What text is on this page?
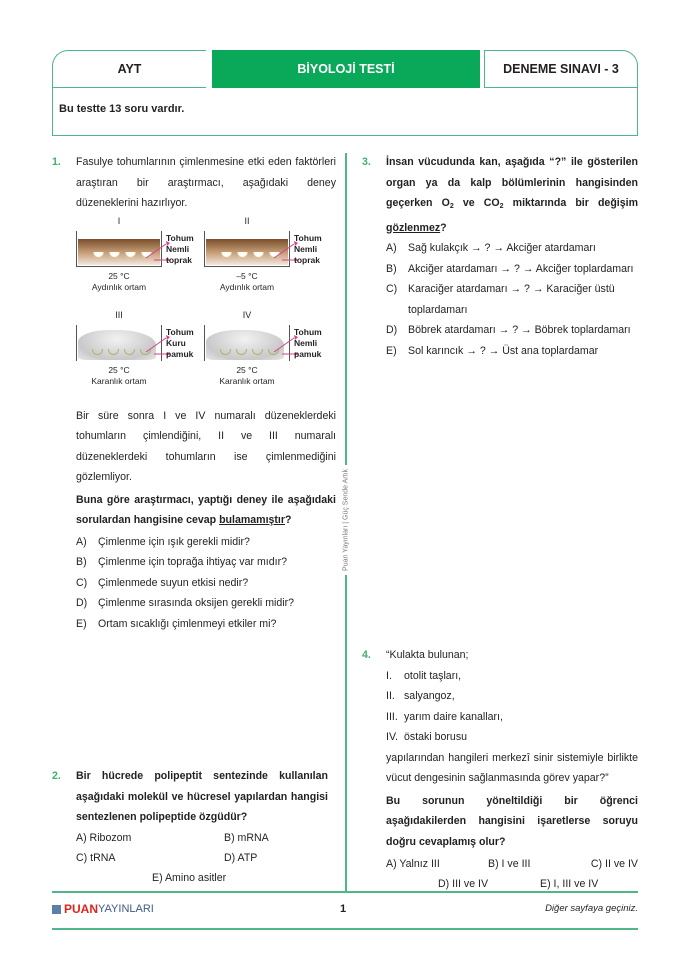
AYT	BİYOLOJİ TESTİ	DENEME SINAVI - 3
Bu testte 13 soru vardır.
Puan Yayınları | Güç Sende Artık
1. Fasulye tohumlarının çimlenmesine etki eden faktörleri araştıran bir araştırmacı, aşağıdaki deney düzeneklerini hazırlıyor.
I
Tohum
Nemli
toprak
25 °C
Aydınlık ortam
II
Tohum
Nemli
toprak
–5 °C
Aydınlık ortam
III
Tohum
Kuru
pamuk
25 °C
Karanlık ortam
IV
Tohum
Nemli
pamuk
25 °C
Karanlık ortam
Bir süre sonra I ve IV numaralı düzeneklerdeki tohumların çimlendiğini, II ve III numaralı düzeneklerdeki tohumların ise çimlenmediğini gözlemliyor.
Buna göre araştırmacı, yaptığı deney ile aşağıdaki sorulardan hangisine cevap bulamamıştır?
A) Çimlenme için ışık gerekli midir?
B) Çimlenme için toprağa ihtiyaç var mıdır?
C) Çimlenmede suyun etkisi nedir?
D) Çimlenme sırasında oksijen gerekli midir?
E) Ortam sıcaklığı çimlenmeyi etkiler mi?
2. Bir hücrede polipeptit sentezinde kullanılan aşağıdaki molekül ve hücresel yapılardan hangisi sentezlenen polipeptide özgüdür?
A) Ribozom	B) mRNA
C) tRNA	D) ATP
E) Amino asitler
3. İnsan vücudunda kan, aşağıda “?” ile gösterilen organ ya da kalp bölümlerinin hangisinden geçerken $O_2$ ve $CO_2$ miktarında bir değişim gözlenmez?
A) Sağ kulakçık → ? → Akciğer atardamarı
B) Akciğer atardamarı → ? → Akciğer toplardamarı
C) Karaciğer atardamarı → ? → Karaciğer üstü toplardamarı
D) Böbrek atardamarı → ? → Böbrek toplardamarı
E) Sol karıncık → ? → Üst ana toplardamar
4. “Kulakta bulunan;
I. otolit taşları,
II. salyangoz,
III. yarım daire kanalları,
IV. östaki borusu
yapılarından hangileri merkezî sinir sistemiyle birlikte vücut dengesinin sağlanmasında görev yapar?”
Bu sorunun yöneltildiği bir öğrenci aşağıdakilerden hangisini işaretlerse soruyu doğru cevaplamış olur?
A) Yalnız III	B) I ve III	C) II ve IV
D) III ve IV	E) I, III ve IV
PUAN YAYINLARI	1	Diğer sayfaya geçiniz.
